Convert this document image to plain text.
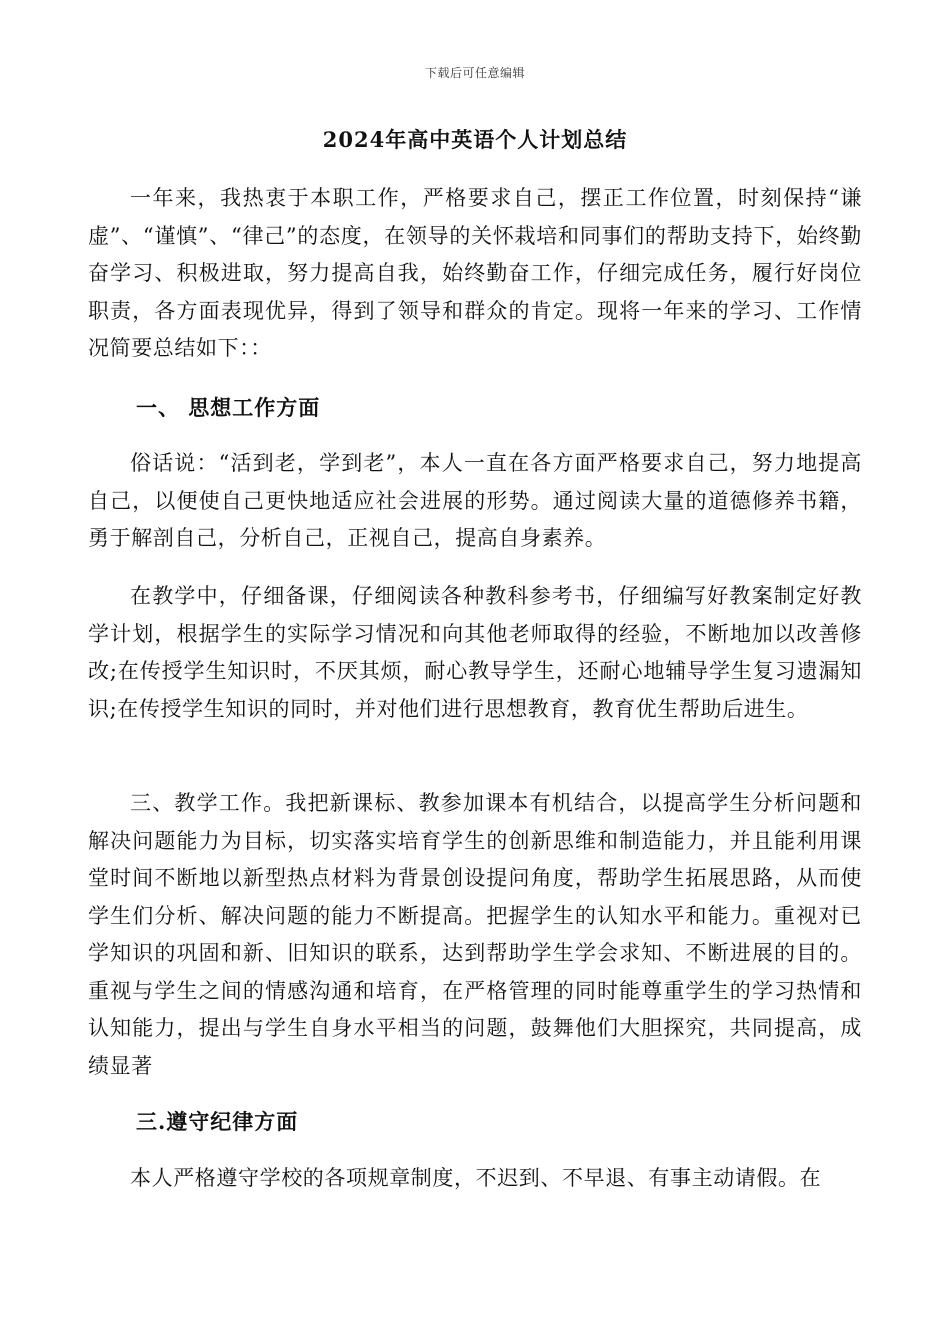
下载后可任意编辑
2024年高中英语个人计划总结

一年来，我热衷于本职工作，严格要求自己，摆正工作位置，时刻保持“谦虚”、“谨慎”、“律己”的态度，在领导的关怀栽培和同事们的帮助支持下，始终勤奋学习、积极进取，努力提高自我，始终勤奋工作，仔细完成任务，履行好岗位职责，各方面表现优异，得到了领导和群众的肯定。现将一年来的学习、工作情况简要总结如下：：

一、 思想工作方面

俗话说：“活到老，学到老”，本人一直在各方面严格要求自己，努力地提高自己，以便使自己更快地适应社会进展的形势。通过阅读大量的道德修养书籍，勇于解剖自己，分析自己，正视自己，提高自身素养。

在教学中，仔细备课，仔细阅读各种教科参考书，仔细编写好教案制定好教学计划，根据学生的实际学习情况和向其他老师取得的经验，不断地加以改善修改;在传授学生知识时，不厌其烦，耐心教导学生，还耐心地辅导学生复习遗漏知识;在传授学生知识的同时，并对他们进行思想教育，教育优生帮助后进生。

三、教学工作。我把新课标、教参加课本有机结合，以提高学生分析问题和解决问题能力为目标，切实落实培育学生的创新思维和制造能力，并且能利用课堂时间不断地以新型热点材料为背景创设提问角度，帮助学生拓展思路，从而使学生们分析、解决问题的能力不断提高。把握学生的认知水平和能力。重视对已学知识的巩固和新、旧知识的联系，达到帮助学生学会求知、不断进展的目的。重视与学生之间的情感沟通和培育，在严格管理的同时能尊重学生的学习热情和认知能力，提出与学生自身水平相当的问题，鼓舞他们大胆探究，共同提高，成绩显著

三.遵守纪律方面

本人严格遵守学校的各项规章制度，不迟到、不早退、有事主动请假。在
